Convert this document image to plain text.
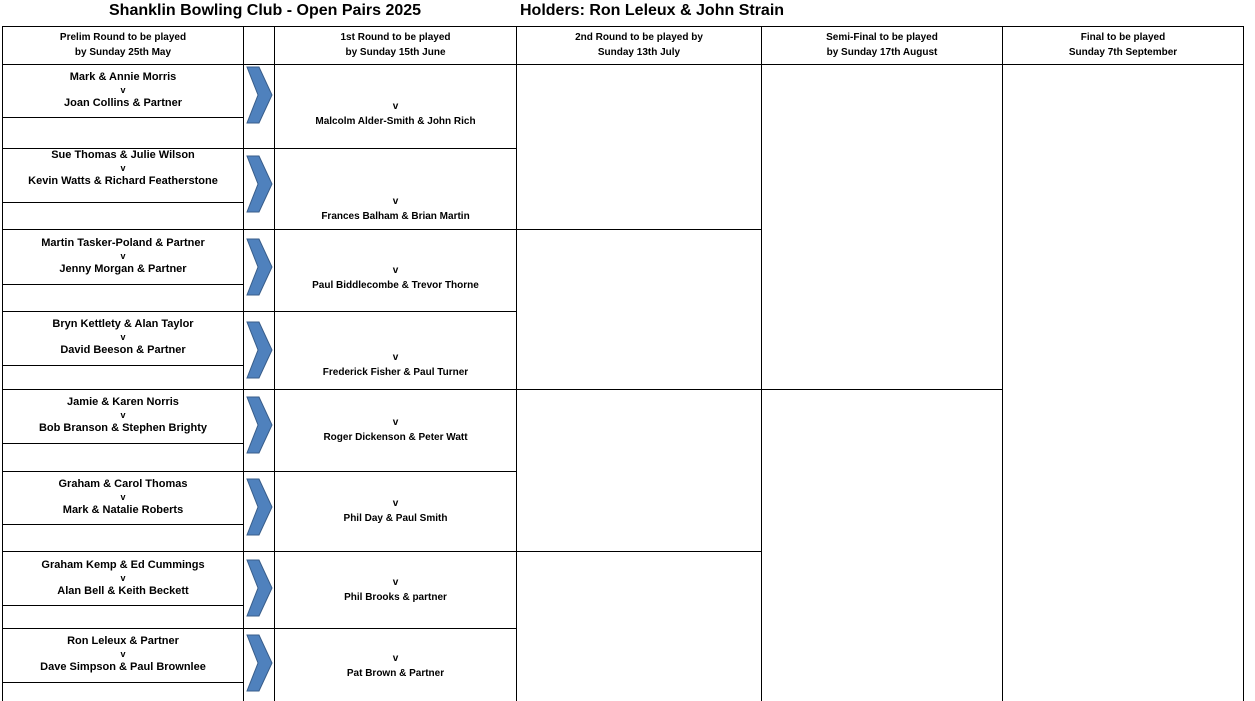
Shanklin Bowling Club - Open Pairs 2025	Holders: Ron Leleux & John Strain
Prelim Round to be played
by Sunday 25th May
1st Round to be played
by Sunday 15th June
2nd Round to be played by
Sunday 13th July
Semi-Final to be played
by Sunday 17th August
Final to be played
Sunday 7th September
Mark & Annie Morris
v
Joan Collins & Partner
Sue Thomas & Julie Wilson
v
Kevin Watts & Richard Featherstone
Martin Tasker-Poland & Partner
v
Jenny Morgan & Partner
Bryn Kettlety & Alan Taylor
v
David Beeson & Partner
Jamie & Karen Norris
v
Bob Branson & Stephen Brighty
Graham & Carol Thomas
v
Mark & Natalie Roberts
Graham Kemp & Ed Cummings
v
Alan Bell & Keith Beckett
Ron Leleux & Partner
v
Dave Simpson & Paul Brownlee
v
Malcolm Alder-Smith & John Rich
v
Frances Balham & Brian Martin
v
Paul Biddlecombe & Trevor Thorne
v
Frederick Fisher & Paul Turner
v
Roger Dickenson & Peter Watt
v
Phil Day & Paul Smith
v
Phil Brooks & partner
v
Pat Brown & Partner
